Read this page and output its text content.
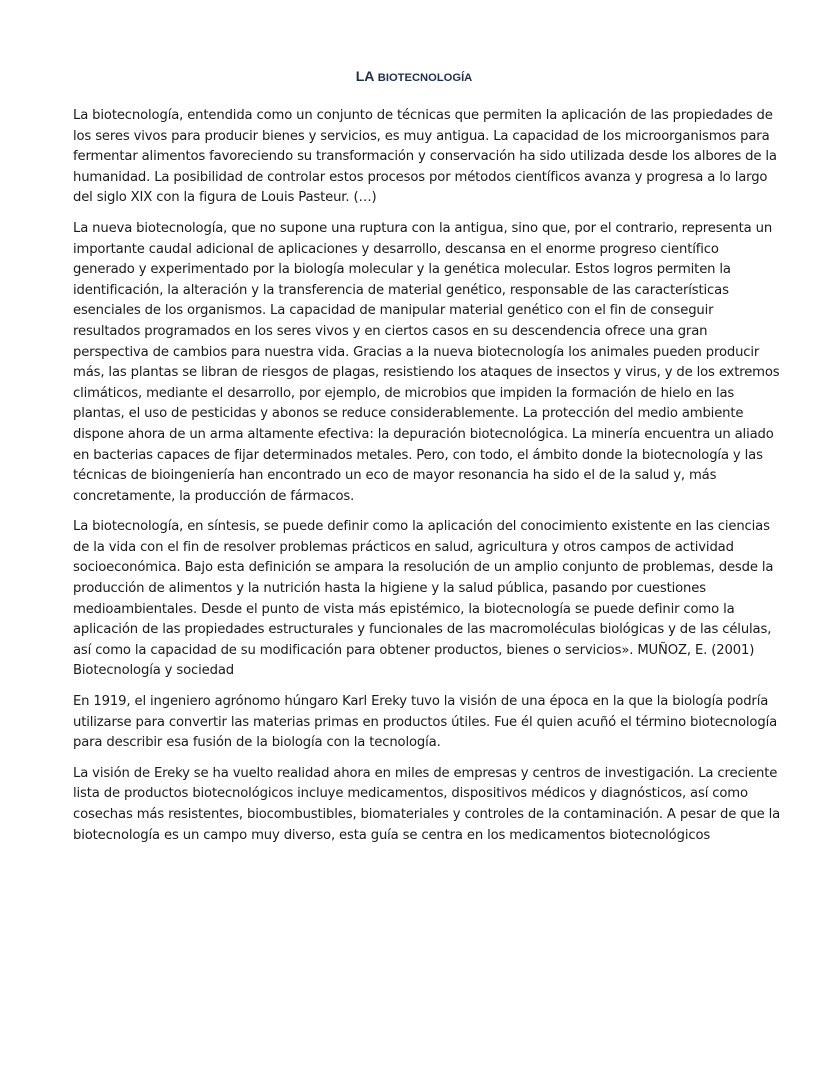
LA BIOTECNOLOGÍA

La biotecnología, entendida como un conjunto de técnicas que permiten la aplicación de las propiedades de los seres vivos para producir bienes y servicios, es muy antigua. La capacidad de los microorganismos para fermentar alimentos favoreciendo su transformación y conservación ha sido utilizada desde los albores de la humanidad. La posibilidad de controlar estos procesos por métodos científicos avanza y progresa a lo largo del siglo XIX con la figura de Louis Pasteur. (…)

La nueva biotecnología, que no supone una ruptura con la antigua, sino que, por el contrario, representa un importante caudal adicional de aplicaciones y desarrollo, descansa en el enorme progreso científico generado y experimentado por la biología molecular y la genética molecular. Estos logros permiten la identificación, la alteración y la transferencia de material genético, responsable de las características esenciales de los organismos. La capacidad de manipular material genético con el fin de conseguir resultados programados en los seres vivos y en ciertos casos en su descendencia ofrece una gran perspectiva de cambios para nuestra vida. Gracias a la nueva biotecnología los animales pueden producir más, las plantas se libran de riesgos de plagas, resistiendo los ataques de insectos y virus, y de los extremos climáticos, mediante el desarrollo, por ejemplo, de microbios que impiden la formación de hielo en las plantas, el uso de pesticidas y abonos se reduce considerablemente. La protección del medio ambiente dispone ahora de un arma altamente efectiva: la depuración biotecnológica. La minería encuentra un aliado en bacterias capaces de fijar determinados metales. Pero, con todo, el ámbito donde la biotecnología y las técnicas de bioingeniería han encontrado un eco de mayor resonancia ha sido el de la salud y, más concretamente, la producción de fármacos.

La biotecnología, en síntesis, se puede definir como la aplicación del conocimiento existente en las ciencias de la vida con el fin de resolver problemas prácticos en salud, agricultura y otros campos de actividad socioeconómica. Bajo esta definición se ampara la resolución de un amplio conjunto de problemas, desde la producción de alimentos y la nutrición hasta la higiene y la salud pública, pasando por cuestiones medioambientales. Desde el punto de vista más epistémico, la biotecnología se puede definir como la aplicación de las propiedades estructurales y funcionales de las macromoléculas biológicas y de las células, así como la capacidad de su modificación para obtener productos, bienes o servicios». MUÑOZ, E. (2001) Biotecnología y sociedad

En 1919, el ingeniero agrónomo húngaro Karl Ereky tuvo la visión de una época en la que la biología podría utilizarse para convertir las materias primas en productos útiles. Fue él quien acuñó el término biotecnología para describir esa fusión de la biología con la tecnología.

La visión de Ereky se ha vuelto realidad ahora en miles de empresas y centros de investigación. La creciente lista de productos biotecnológicos incluye medicamentos, dispositivos médicos y diagnósticos, así como cosechas más resistentes, biocombustibles, biomateriales y controles de la contaminación. A pesar de que la biotecnología es un campo muy diverso, esta guía se centra en los medicamentos biotecnológicos
